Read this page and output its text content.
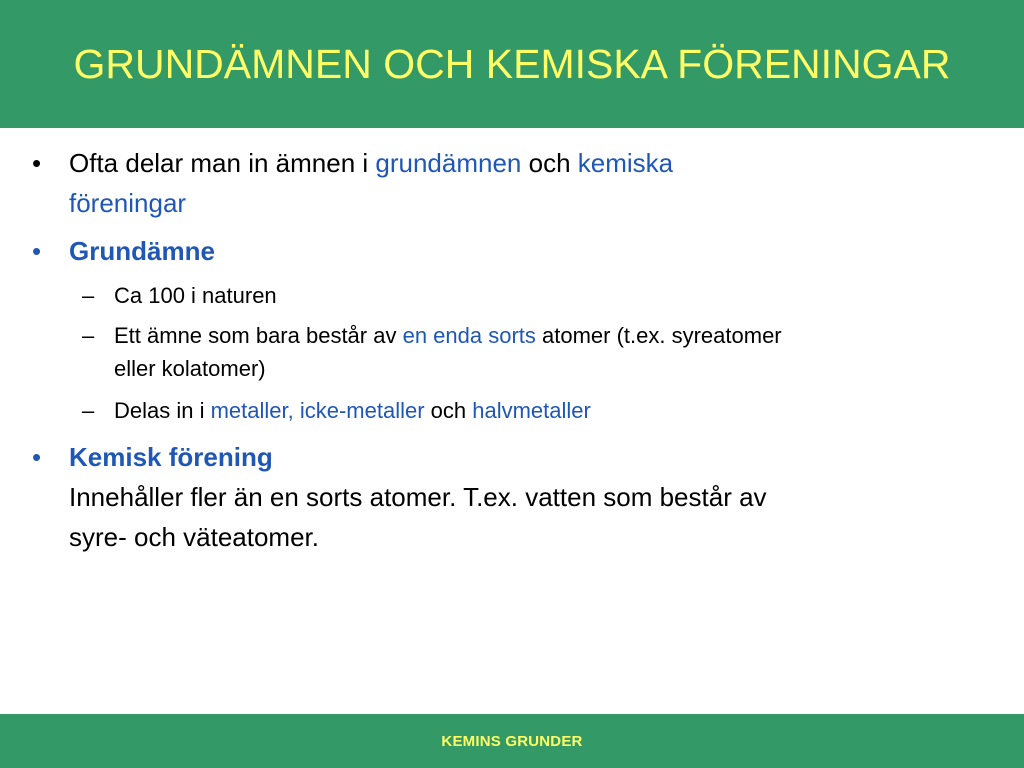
GRUNDÄMNEN OCH KEMISKA FÖRENINGAR
• Ofta delar man in ämnen i grundämnen och kemiska
föreningar
• Grundämne
– Ca 100 i naturen
– Ett ämne som bara består av en enda sorts atomer (t.ex. syreatomer
eller kolatomer)
– Delas in i metaller, icke-metaller och halvmetaller
• Kemisk förening
Innehåller fler än en sorts atomer. T.ex. vatten som består av
syre- och väteatomer.
KEMINS GRUNDER
